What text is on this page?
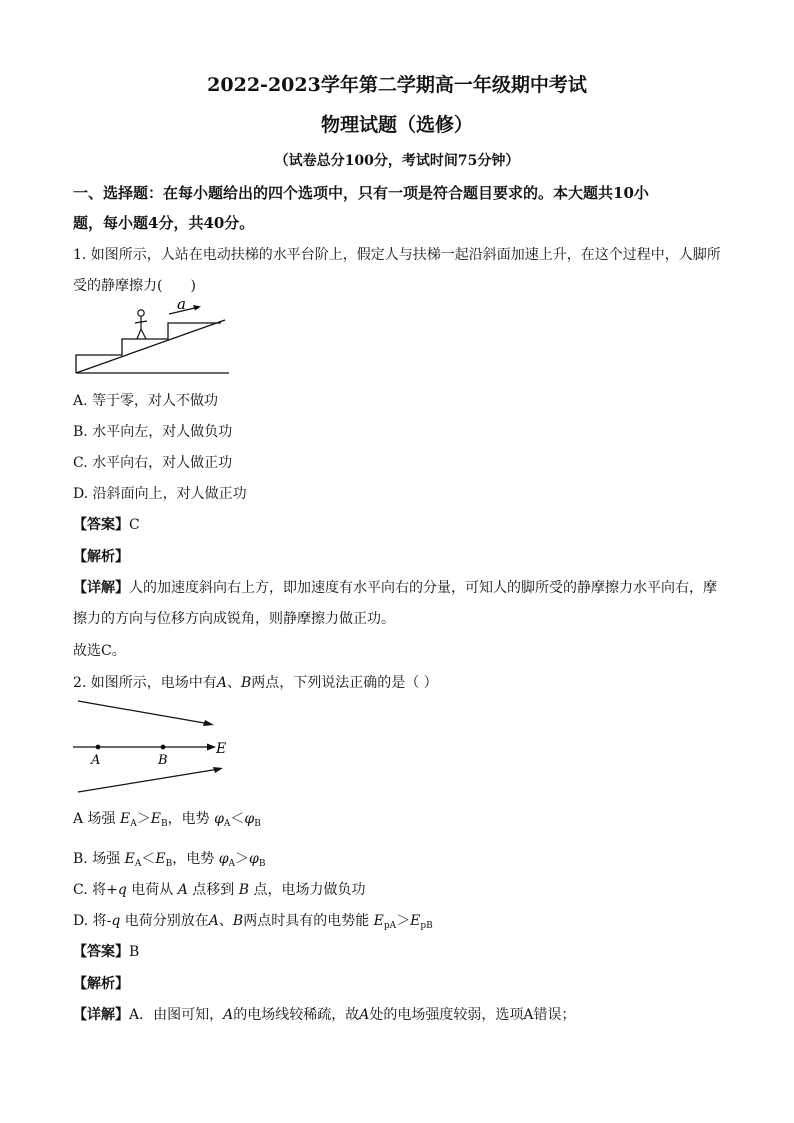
2022-2023学年第二学期高一年级期中考试
物理试题（选修）
（试卷总分100分，考试时间75分钟）
一、选择题：在每小题给出的四个选项中，只有一项是符合题目要求的。本大题共10小
题，每小题4分，共40分。
1. 如图所示，人站在电动扶梯的水平台阶上，假定人与扶梯一起沿斜面加速上升，在这个过程中，人脚所
受的静摩擦力(　　)
a
A. 等于零，对人不做功
B. 水平向左，对人做负功
C. 水平向右，对人做正功
D. 沿斜面向上，对人做正功
【答案】C
【解析】
【详解】人的加速度斜向右上方，即加速度有水平向右的分量，可知人的脚所受的静摩擦力水平向右，摩
擦力的方向与位移方向成锐角，则静摩擦力做正功。
故选C。
2. 如图所示，电场中有A、B两点，下列说法正确的是（ ）
E
A	B
A 场强 $E_A>E_B$，电势 $\varphi_A<\varphi_B$
B. 场强 $E_A<E_B$，电势 $\varphi_A>\varphi_B$
C. 将+q 电荷从 A 点移到 B 点，电场力做负功
D. 将-q 电荷分别放在A、B两点时具有的电势能 $E_{pA}>E_{pB}$
【答案】B
【解析】
【详解】A．由图可知，A的电场线较稀疏，故A处的电场强度较弱，选项A错误；
